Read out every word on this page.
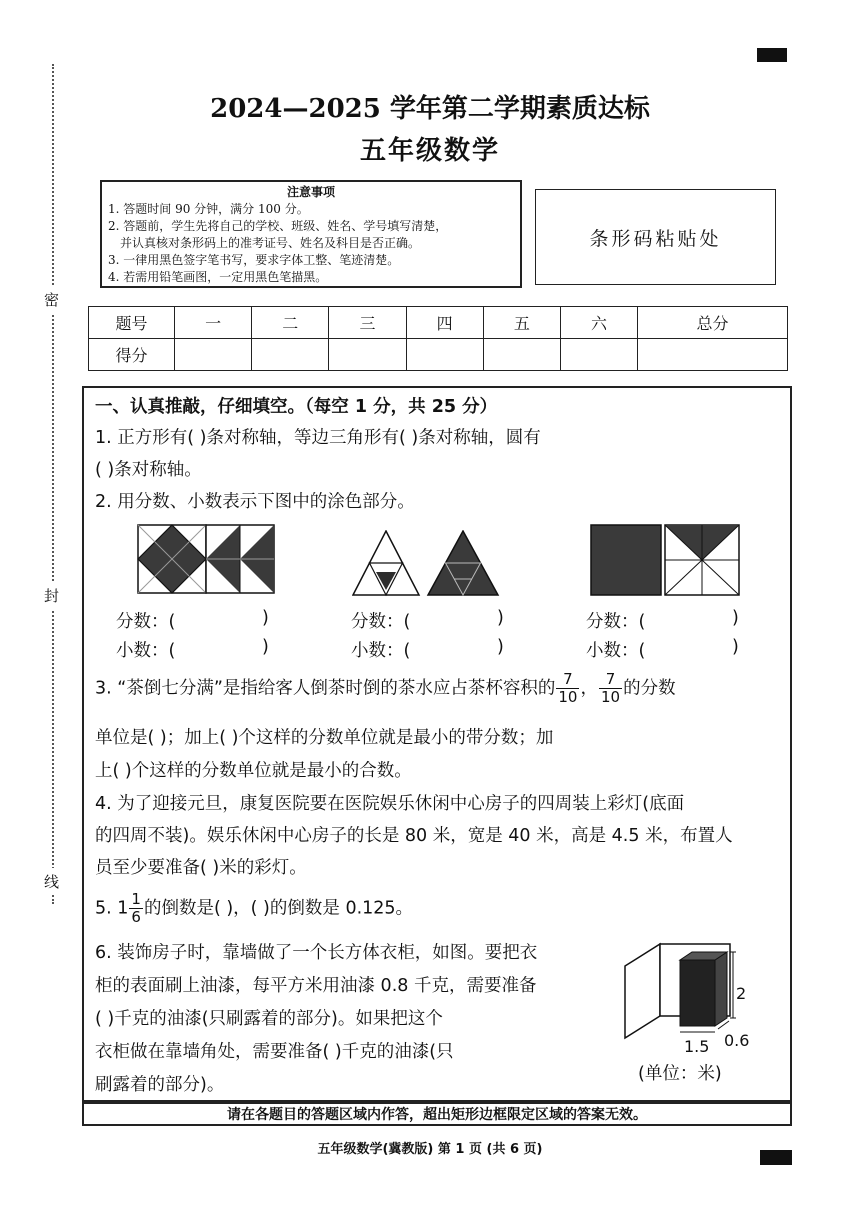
密
封
线
2024—2025 学年第二学期素质达标
五年级数学
注意事项
1. 答题时间 90 分钟，满分 100 分。
2. 答题前，学生先将自己的学校、班级、姓名、学号填写清楚，
并认真核对条形码上的准考证号、姓名及科目是否正确。
3. 一律用黑色签字笔书写，要求字体工整、笔迹清楚。
4. 若需用铅笔画图，一定用黑色笔描黑。
条形码粘贴处
题号	一	二	三	四	五	六	总分
得分							
一、认真推敲，仔细填空。（每空 1 分，共 25 分）
1. 正方形有( )条对称轴，等边三角形有( )条对称轴，圆有
( )条对称轴。
2. 用分数、小数表示下图中的涂色部分。
分数：(	)
小数：(	)
分数：(	)
小数：(	)
分数：(	)
小数：(	)
3. “茶倒七分满”是指给客人倒茶时倒的茶水应占茶杯容积的 $\frac{7}{10}$ ， $\frac{7}{10}$ 的分数
单位是( )；加上( )个这样的分数单位就是最小的带分数；加
上( )个这样的分数单位就是最小的合数。
4. 为了迎接元旦，康复医院要在医院娱乐休闲中心房子的四周装上彩灯(底面
的四周不装)。娱乐休闲中心房子的长是 80 米，宽是 40 米，高是 4.5 米，布置人
员至少要准备( )米的彩灯。
5. $1 \frac{1}{6}$ 的倒数是( )，( )的倒数是 0.125。
6. 装饰房子时，靠墙做了一个长方体衣柜，如图。要把衣
柜的表面刷上油漆，每平方米用油漆 0.8 千克，需要准备
( )千克的油漆(只刷露着的部分)。如果把这个
衣柜做在靠墙角处，需要准备( )千克的油漆(只
刷露着的部分)。
2
1.5 0.6
(单位：米)
请在各题目的答题区域内作答，超出矩形边框限定区域的答案无效。
五年级数学(冀教版) 第 1 页 (共 6 页)
